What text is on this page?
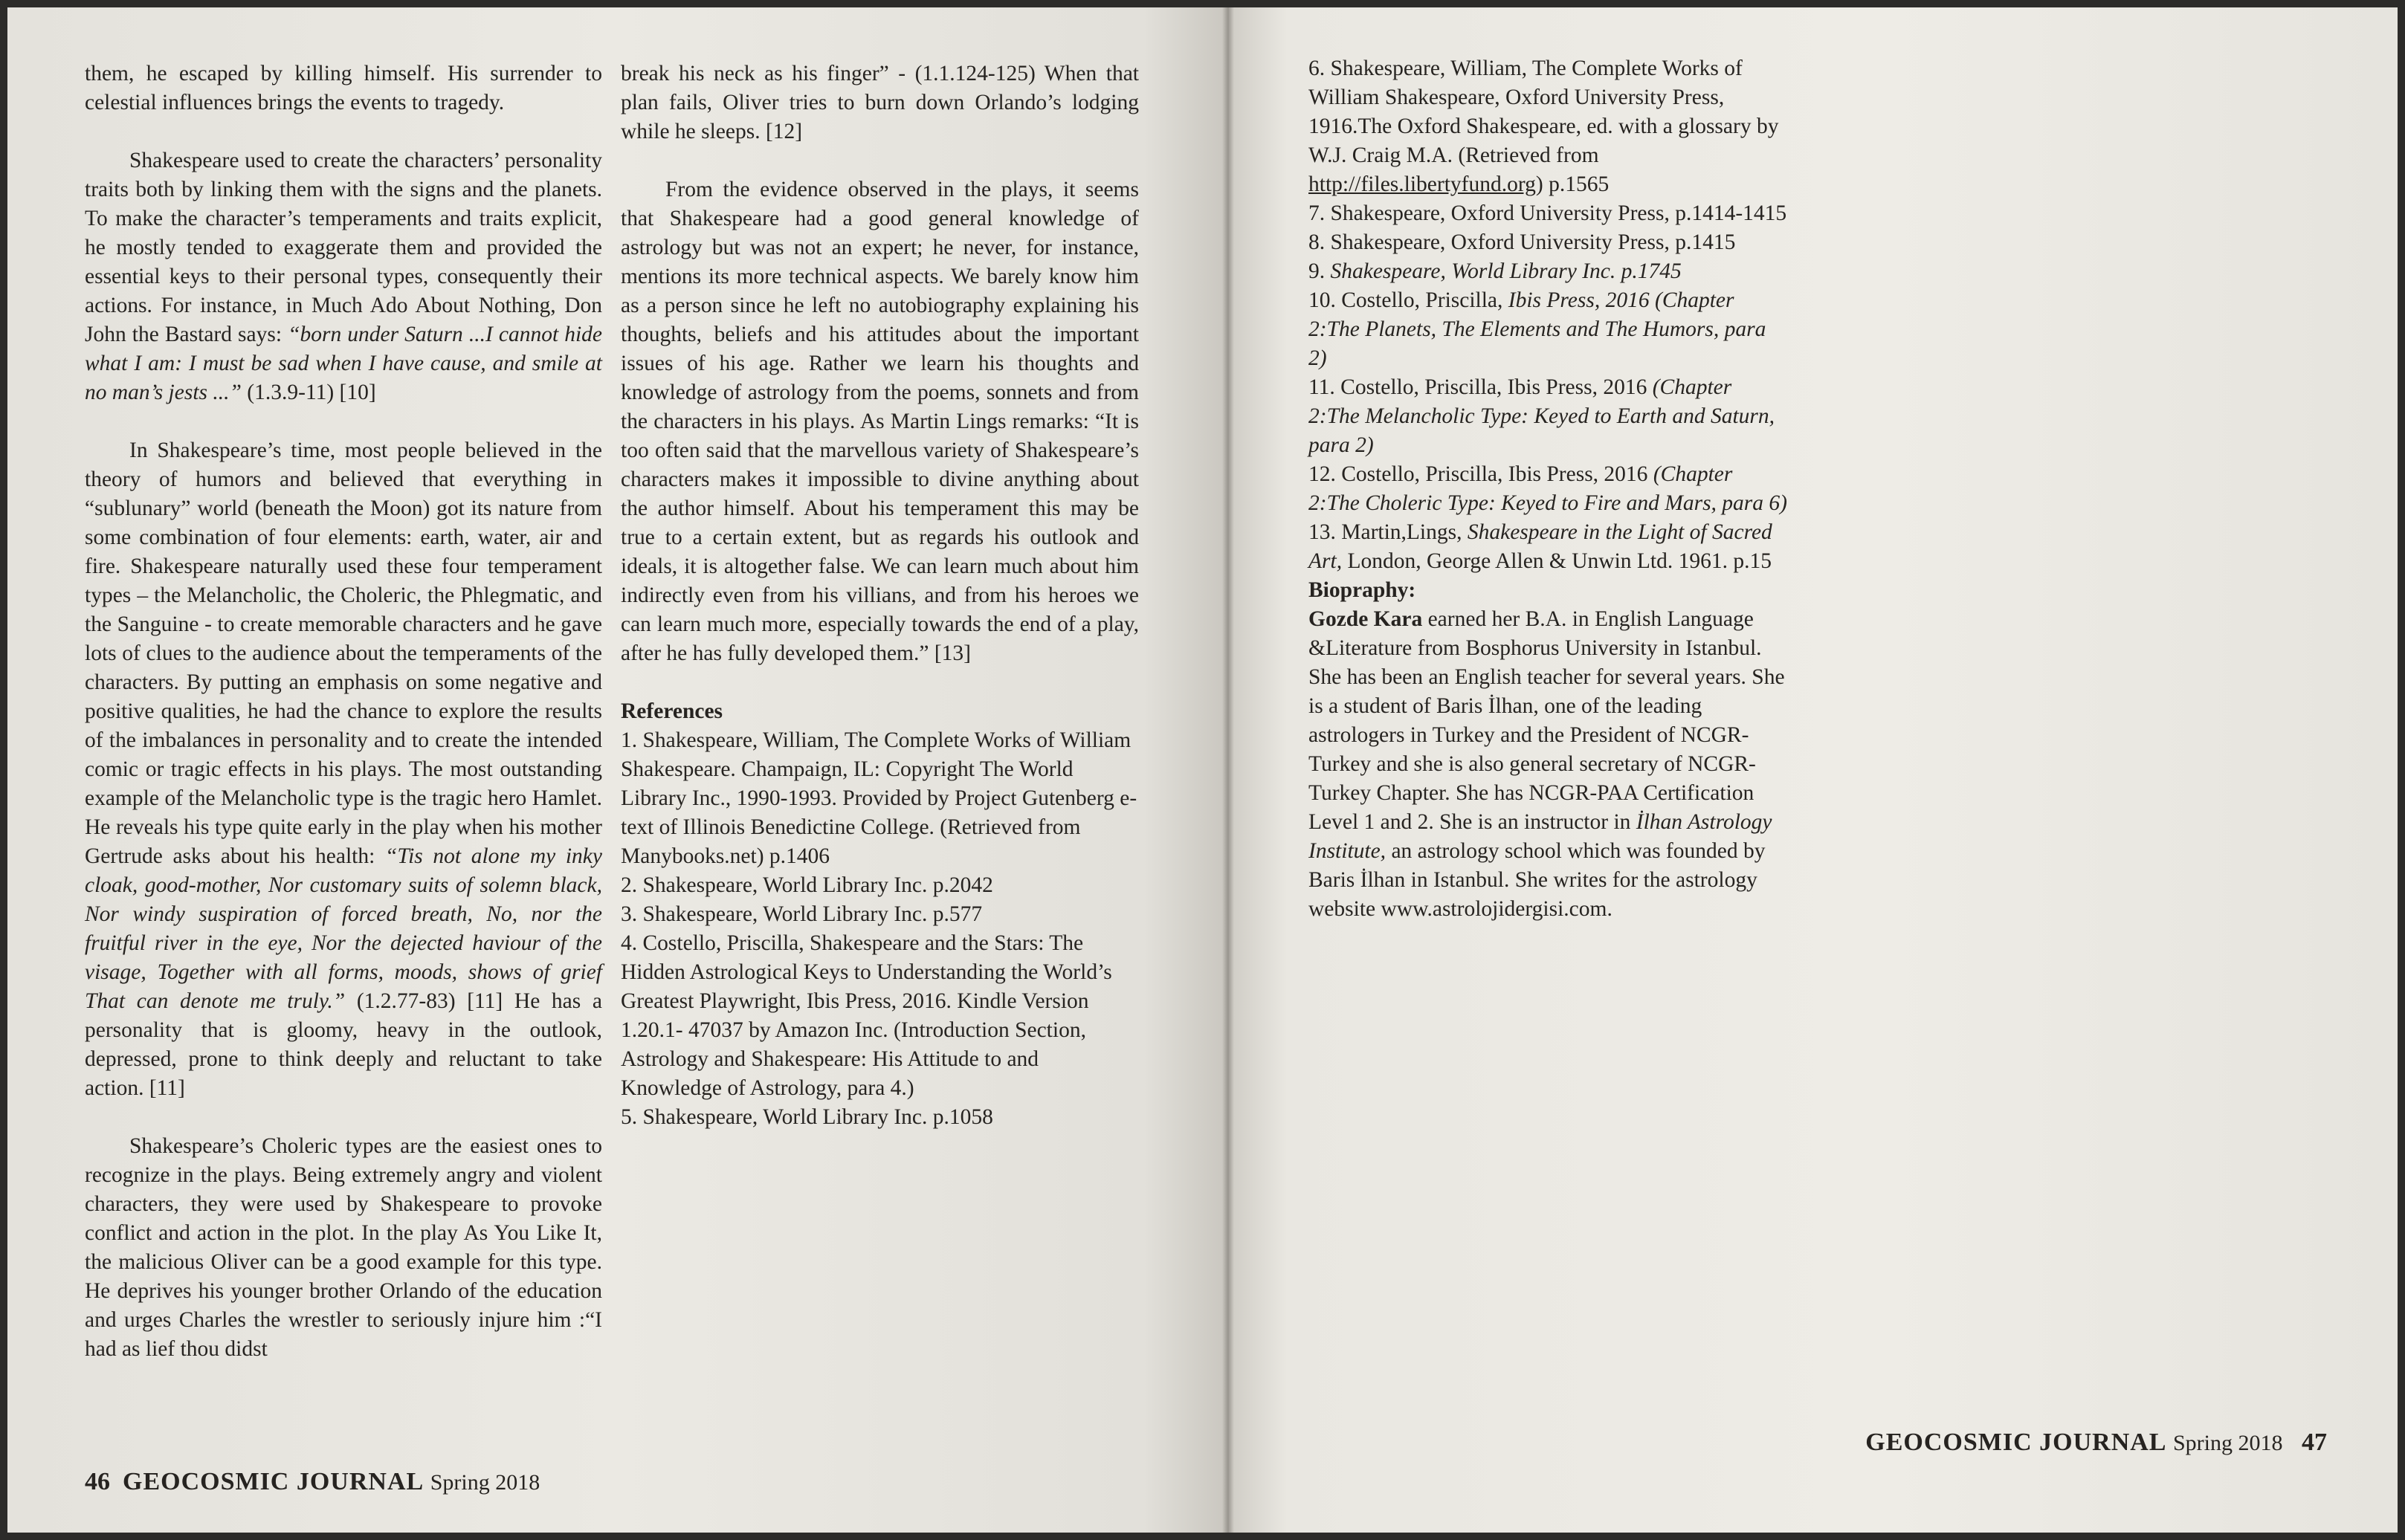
them, he escaped by killing himself. His surrender to celestial influences brings the events to tragedy.

Shakespeare used to create the characters’ personality traits both by linking them with the signs and the planets. To make the character’s temperaments and traits explicit, he mostly tended to exaggerate them and provided the essential keys to their personal types, consequently their actions. For instance, in Much Ado About Nothing, Don John the Bastard says: “born under Saturn ...I cannot hide what I am: I must be sad when I have cause, and smile at no man’s jests ...” (1.3.9-11) [10]

In Shakespeare’s time, most people believed in the theory of humors and believed that everything in “sublunary” world (beneath the Moon) got its nature from some combination of four elements: earth, water, air and fire. Shakespeare naturally used these four temperament types – the Melancholic, the Choleric, the Phlegmatic, and the Sanguine - to create memorable characters and he gave lots of clues to the audience about the temperaments of the characters. By putting an emphasis on some negative and positive qualities, he had the chance to explore the results of the imbalances in personality and to create the intended comic or tragic effects in his plays. The most outstanding example of the Melancholic type is the tragic hero Hamlet. He reveals his type quite early in the play when his mother Gertrude asks about his health: “Tis not alone my inky cloak, good-mother, Nor customary suits of solemn black, Nor windy suspiration of forced breath, No, nor the fruitful river in the eye, Nor the dejected haviour of the visage, Together with all forms, moods, shows of grief That can denote me truly.” (1.2.77-83) [11] He has a personality that is gloomy, heavy in the outlook, depressed, prone to think deeply and reluctant to take action. [11]

Shakespeare’s Choleric types are the easiest ones to recognize in the plays. Being extremely angry and violent characters, they were used by Shakespeare to provoke conflict and action in the plot. In the play As You Like It, the malicious Oliver can be a good example for this type. He deprives his younger brother Orlando of the education and urges Charles the wrestler to seriously injure him :“I had as lief thou didst

break his neck as his finger” - (1.1.124-125) When that plan fails, Oliver tries to burn down Orlando’s lodging while he sleeps. [12]

From the evidence observed in the plays, it seems that Shakespeare had a good general knowledge of astrology but was not an expert; he never, for instance, mentions its more technical aspects. We barely know him as a person since he left no autobiography explaining his thoughts, beliefs and his attitudes about the important issues of his age. Rather we learn his thoughts and knowledge of astrology from the poems, sonnets and from the characters in his plays. As Martin Lings remarks: “It is too often said that the marvellous variety of Shakespeare’s characters makes it impossible to divine anything about the author himself. About his temperament this may be true to a certain extent, but as regards his outlook and ideals, it is altogether false. We can learn much about him indirectly even from his villians, and from his heroes we can learn much more, especially towards the end of a play, after he has fully developed them.” [13]

References

1. Shakespeare, William, The Complete Works of William Shakespeare. Champaign, IL: Copyright The World Library Inc., 1990-1993. Provided by Project Gutenberg e-text of Illinois Benedictine College. (Retrieved from Manybooks.net) p.1406

2. Shakespeare, World Library Inc. p.2042

3. Shakespeare, World Library Inc. p.577

4. Costello, Priscilla, Shakespeare and the Stars: The Hidden Astrological Keys to Understanding the World’s Greatest Playwright, Ibis Press, 2016. Kindle Version 1.20.1- 47037 by Amazon Inc. (Introduction Section, Astrology and Shakespeare: His Attitude to and Knowledge of Astrology, para 4.)

5. Shakespeare, World Library Inc. p.1058

46 GEOCOSMIC JOURNAL Spring 2018

6. Shakespeare, William, The Complete Works of William Shakespeare, Oxford University Press, 1916.The Oxford Shakespeare, ed. with a glossary by W.J. Craig M.A. (Retrieved from http://files.libertyfund.org) p.1565

7. Shakespeare, Oxford University Press, p.1414-1415

8. Shakespeare, Oxford University Press, p.1415

9. Shakespeare, World Library Inc. p.1745

10. Costello, Priscilla, Ibis Press, 2016 (Chapter 2:The Planets, The Elements and The Humors, para 2)

11. Costello, Priscilla, Ibis Press, 2016 (Chapter 2:The Melancholic Type: Keyed to Earth and Saturn, para 2)

12. Costello, Priscilla, Ibis Press, 2016 (Chapter 2:The Choleric Type: Keyed to Fire and Mars, para 6)

13. Martin,Lings, Shakespeare in the Light of Sacred Art, London, George Allen & Unwin Ltd. 1961. p.15

Biopraphy:

Gozde Kara earned her B.A. in English Language &Literature from Bosphorus University in Istanbul. She has been an English teacher for several years. She is a student of Baris İlhan, one of the leading astrologers in Turkey and the President of NCGR-Turkey and she is also general secretary of NCGR-Turkey Chapter. She has NCGR-PAA Certification Level 1 and 2. She is an instructor in İlhan Astrology Institute, an astrology school which was founded by Baris İlhan in Istanbul. She writes for the astrology website www.astrolojidergisi.com.

GEOCOSMIC JOURNAL Spring 2018 47
